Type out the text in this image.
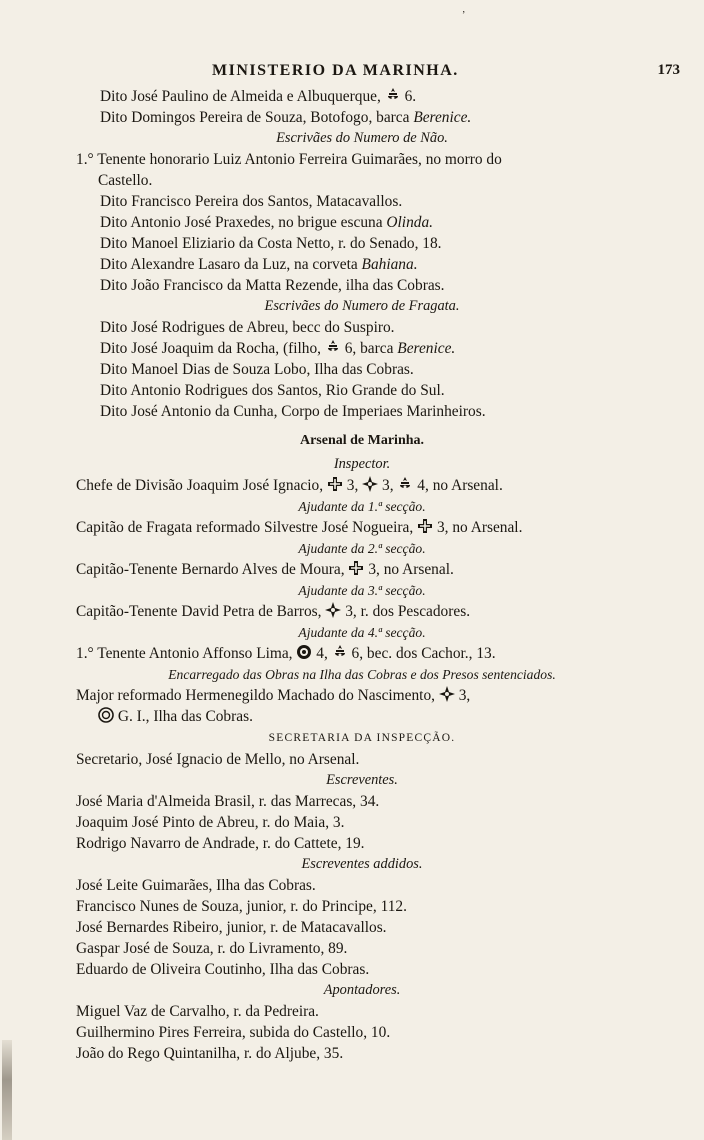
ʼ
MINISTERIO DA MARINHA.	173
Dito José Paulino de Almeida e Albuquerque, 6.
Dito Domingos Pereira de Souza, Botofogo, barca Berenice.
Escrivães do Numero de Não.
1.° Tenente honorario Luiz Antonio Ferreira Guimarães, no morro do
Castello.
Dito Francisco Pereira dos Santos, Matacavallos.
Dito Antonio José Praxedes, no brigue escuna Olinda.
Dito Manoel Eliziario da Costa Netto, r. do Senado, 18.
Dito Alexandre Lasaro da Luz, na corveta Bahiana.
Dito João Francisco da Matta Rezende, ilha das Cobras.
Escrivães do Numero de Fragata.
Dito José Rodrigues de Abreu, becc do Suspiro.
Dito José Joaquim da Rocha, (filho, 6, barca Berenice.
Dito Manoel Dias de Souza Lobo, Ilha das Cobras.
Dito Antonio Rodrigues dos Santos, Rio Grande do Sul.
Dito José Antonio da Cunha, Corpo de Imperiaes Marinheiros.
Arsenal de Marinha.
Inspector.
Chefe de Divisão Joaquim José Ignacio, 3, 3, 4, no Arsenal.
Ajudante da 1.ª secção.
Capitão de Fragata reformado Silvestre José Nogueira, 3, no Arsenal.
Ajudante da 2.ª secção.
Capitão-Tenente Bernardo Alves de Moura, 3, no Arsenal.
Ajudante da 3.ª secção.
Capitão-Tenente David Petra de Barros, 3, r. dos Pescadores.
Ajudante da 4.ª secção.
1.° Tenente Antonio Affonso Lima, 4, 6, bec. dos Cachor., 13.
Encarregado das Obras na Ilha das Cobras e dos Presos sentenciados.
Major reformado Hermenegildo Machado do Nascimento, 3,
G. I., Ilha das Cobras.
SECRETARIA DA INSPECÇÃO.
Secretario, José Ignacio de Mello, no Arsenal.
Escreventes.
José Maria d'Almeida Brasil, r. das Marrecas, 34.
Joaquim José Pinto de Abreu, r. do Maia, 3.
Rodrigo Navarro de Andrade, r. do Cattete, 19.
Escreventes addidos.
José Leite Guimarães, Ilha das Cobras.
Francisco Nunes de Souza, junior, r. do Principe, 112.
José Bernardes Ribeiro, junior, r. de Matacavallos.
Gaspar José de Souza, r. do Livramento, 89.
Eduardo de Oliveira Coutinho, Ilha das Cobras.
Apontadores.
Miguel Vaz de Carvalho, r. da Pedreira.
Guilhermino Pires Ferreira, subida do Castello, 10.
João do Rego Quintanilha, r. do Aljube, 35.
